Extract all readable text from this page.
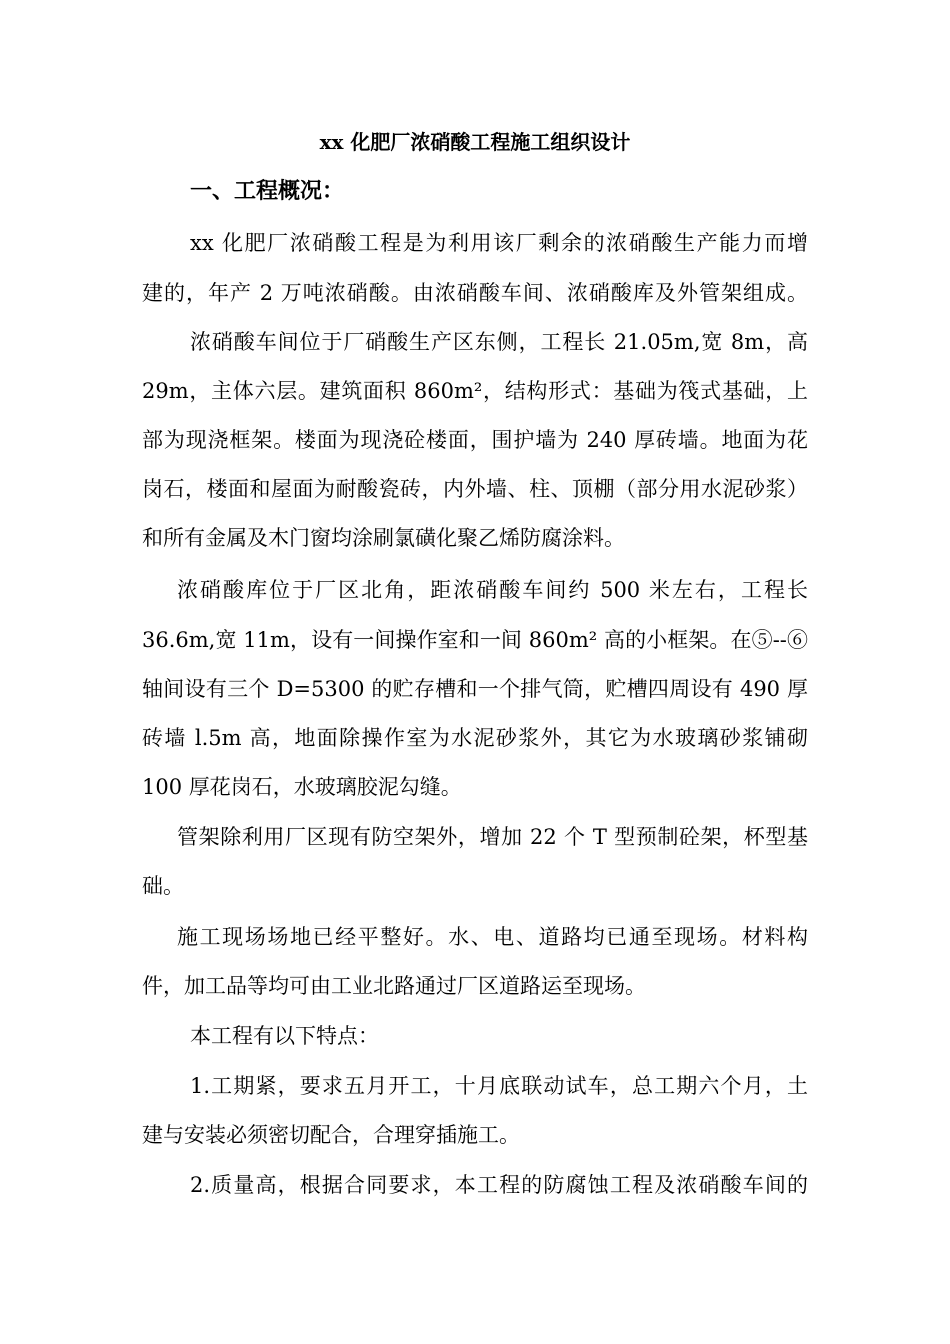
xx 化肥厂浓硝酸工程施工组织设计
一、工程概况：
xx 化肥厂浓硝酸工程是为利用该厂剩余的浓硝酸生产能力而增
建的，年产 2 万吨浓硝酸。由浓硝酸车间、浓硝酸库及外管架组成。
浓硝酸车间位于厂硝酸生产区东侧，工程长 21.05m,宽 8m，高
29m，主体六层。建筑面积 860m²，结构形式：基础为筏式基础，上
部为现浇框架。楼面为现浇砼楼面，围护墙为 240 厚砖墙。地面为花
岗石，楼面和屋面为耐酸瓷砖，内外墙、柱、顶棚（部分用水泥砂浆）
和所有金属及木门窗均涂刷氯磺化聚乙烯防腐涂料。
浓硝酸库位于厂区北角，距浓硝酸车间约 500 米左右，工程长
36.6m,宽 11m，设有一间操作室和一间 860m² 高的小框架。在⑤--⑥
轴间设有三个 D=5300 的贮存槽和一个排气筒，贮槽四周设有 490 厚
砖墙 l.5m 高，地面除操作室为水泥砂浆外，其它为水玻璃砂浆铺砌
100 厚花岗石，水玻璃胶泥勾缝。
管架除利用厂区现有防空架外，增加 22 个 T 型预制砼架，杯型基
础。
施工现场场地已经平整好。水、电、道路均已通至现场。材料构
件，加工品等均可由工业北路通过厂区道路运至现场。
本工程有以下特点：
1.工期紧，要求五月开工，十月底联动试车，总工期六个月，土
建与安装必须密切配合，合理穿插施工。
2.质量高，根据合同要求，本工程的防腐蚀工程及浓硝酸车间的
